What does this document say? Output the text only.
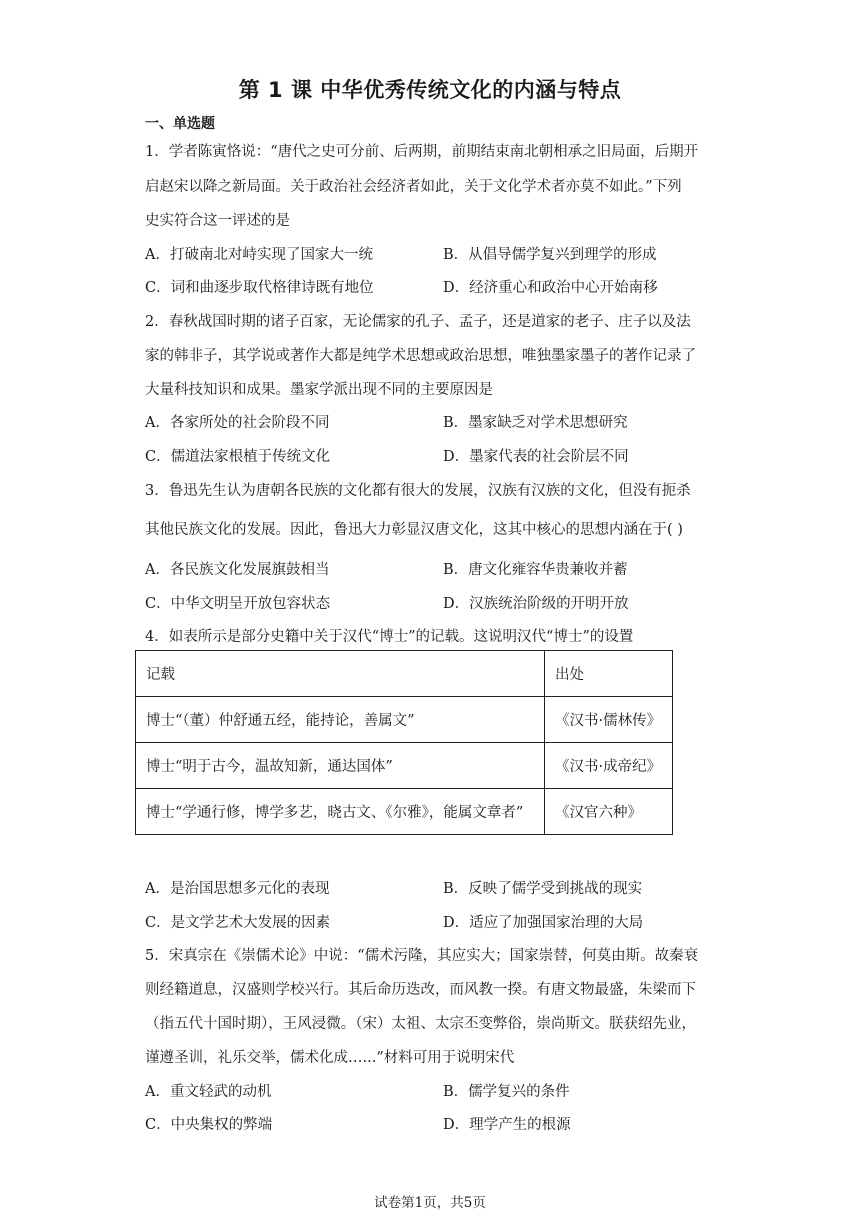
第 1 课 中华优秀传统文化的内涵与特点
一、单选题
1．学者陈寅恪说：“唐代之史可分前、后两期，前期结束南北朝相承之旧局面，后期开
启赵宋以降之新局面。关于政治社会经济者如此，关于文化学术者亦莫不如此。”下列
史实符合这一评述的是
A．打破南北对峙实现了国家大一统	B．从倡导儒学复兴到理学的形成
C．词和曲逐步取代格律诗既有地位	D．经济重心和政治中心开始南移
2．春秋战国时期的诸子百家，无论儒家的孔子、孟子，还是道家的老子、庄子以及法
家的韩非子，其学说或著作大都是纯学术思想或政治思想，唯独墨家墨子的著作记录了
大量科技知识和成果。墨家学派出现不同的主要原因是
A．各家所处的社会阶段不同	B．墨家缺乏对学术思想研究
C．儒道法家根植于传统文化	D．墨家代表的社会阶层不同
3．鲁迅先生认为唐朝各民族的文化都有很大的发展，汉族有汉族的文化，但没有扼杀
其他民族文化的发展。因此，鲁迅大力彰显汉唐文化，这其中核心的思想内涵在于( )
A．各民族文化发展旗鼓相当	B．唐文化雍容华贵兼收并蓄
C．中华文明呈开放包容状态	D．汉族统治阶级的开明开放
4．如表所示是部分史籍中关于汉代“博士”的记载。这说明汉代“博士”的设置
记载	出处
博士“（董）仲舒通五经，能持论，善属文”	《汉书·儒林传》
博士“明于古今，温故知新，通达国体”	《汉书·成帝纪》
博士“学通行修，博学多艺，晓古文、《尔雅》，能属文章者”	《汉官六种》
A．是治国思想多元化的表现	B．反映了儒学受到挑战的现实
C．是文学艺术大发展的因素	D．适应了加强国家治理的大局
5．宋真宗在《崇儒术论》中说：“儒术污隆，其应实大；国家崇替，何莫由斯。故秦衰
则经籍道息，汉盛则学校兴行。其后命历迭改，而风教一揆。有唐文物最盛，朱梁而下
（指五代十国时期），王风浸微。（宋）太祖、太宗丕变弊俗，崇尚斯文。朕获绍先业，
谨遵圣训，礼乐交举，儒术化成…...”材料可用于说明宋代
A．重文轻武的动机	B．儒学复兴的条件
C．中央集权的弊端	D．理学产生的根源
试卷第1页，共5页
